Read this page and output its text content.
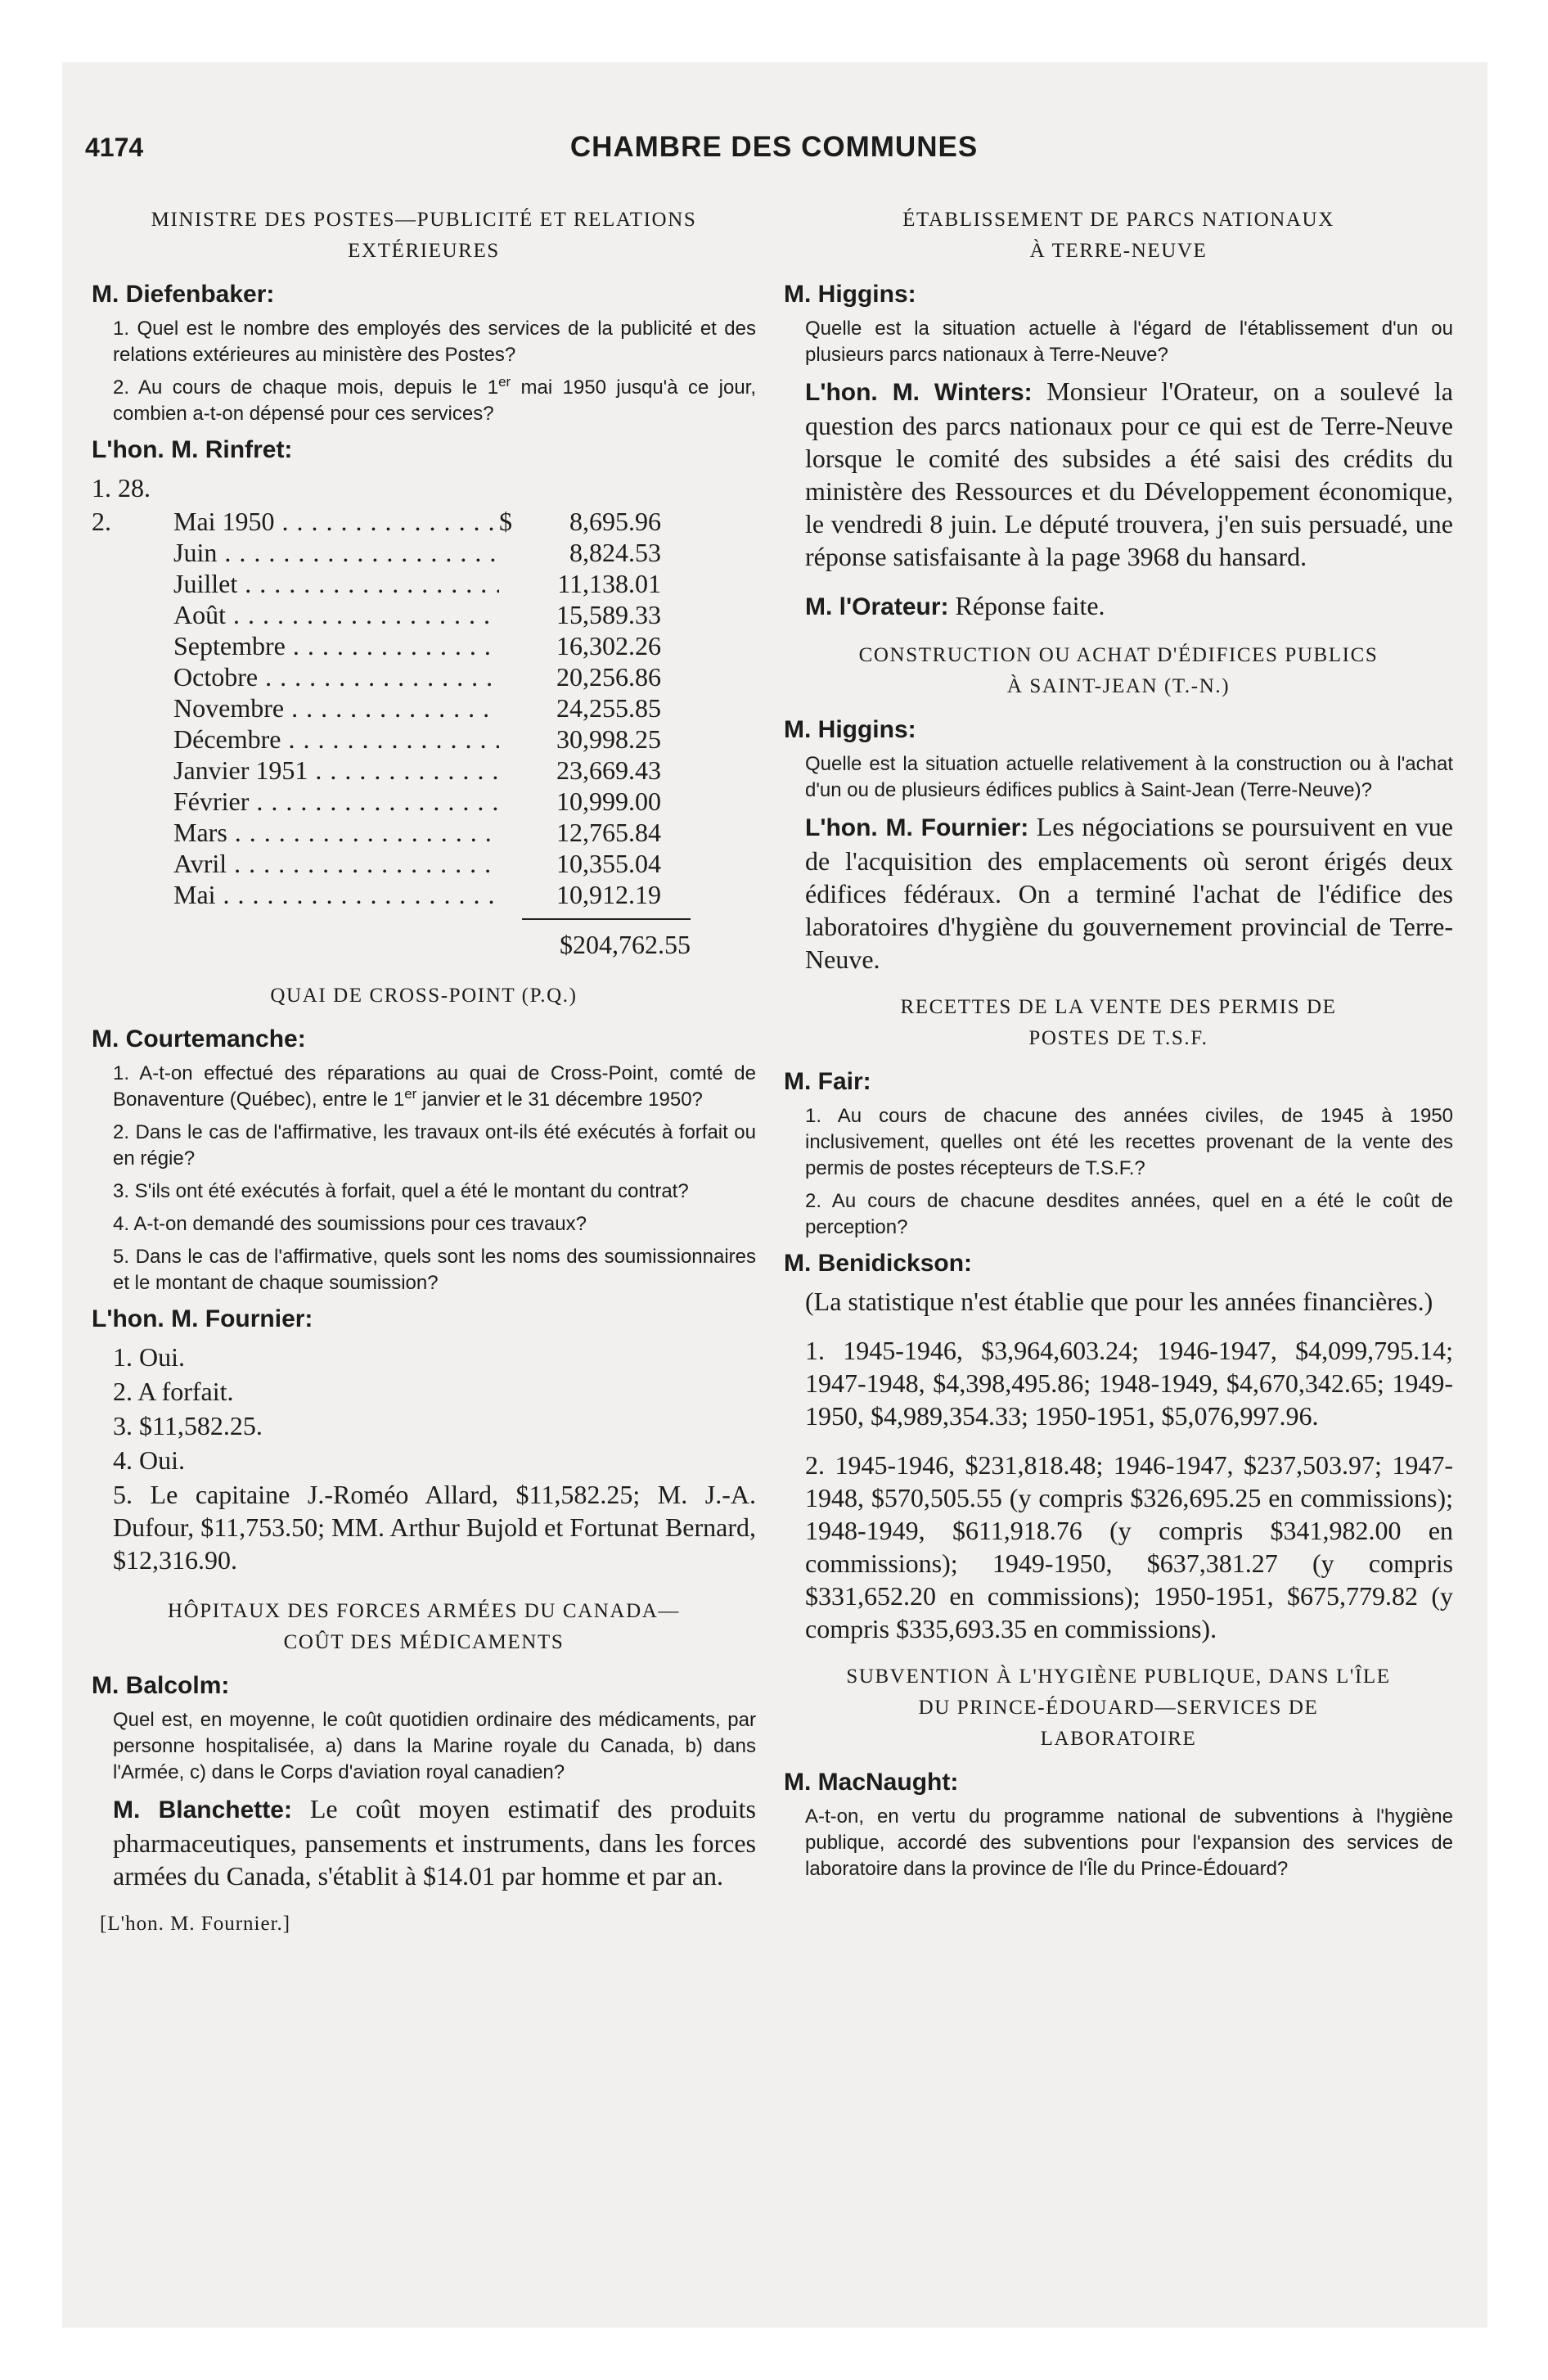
4174	CHAMBRE DES COMMUNES
MINISTRE DES POSTES—PUBLICITÉ ET RELATIONS
EXTÉRIEURES
M. Diefenbaker:

1. Quel est le nombre des employés des services de la publicité et des relations extérieures au ministère des Postes?

2. Au cours de chaque mois, depuis le 1er mai 1950 jusqu'à ce jour, combien a-t-on dépensé pour ces services?

L'hon. M. Rinfret:
1. 28.
2.	Mai 1950 . . .	$	8,695.96
Juin . . .	8,824.53
Juillet . . .	11,138.01
Août . . .	15,589.33
Septembre . . .	16,302.26
Octobre . . .	20,256.86
Novembre . . .	24,255.85
Décembre . . .	30,998.25
Janvier 1951 . . .	23,669.43
Février . . .	10,999.00
Mars . . .	12,765.84
Avril . . .	10,355.04
Mai . . .	10,912.19
$204,762.55
QUAI DE CROSS-POINT (P.Q.)
M. Courtemanche:

1. A-t-on effectué des réparations au quai de Cross-Point, comté de Bonaventure (Québec), entre le 1er janvier et le 31 décembre 1950?

2. Dans le cas de l'affirmative, les travaux ont-ils été exécutés à forfait ou en régie?

3. S'ils ont été exécutés à forfait, quel a été le montant du contrat?

4. A-t-on demandé des soumissions pour ces travaux?

5. Dans le cas de l'affirmative, quels sont les noms des soumissionnaires et le montant de chaque soumission?

L'hon. M. Fournier:
1. Oui.
2. A forfait.
3. $11,582.25.
4. Oui.
5. Le capitaine J.-Roméo Allard, $11,582.25; M. J.-A. Dufour, $11,753.50; MM. Arthur Bujold et Fortunat Bernard, $12,316.90.
HÔPITAUX DES FORCES ARMÉES DU CANADA—
COÛT DES MÉDICAMENTS
M. Balcolm:

Quel est, en moyenne, le coût quotidien ordinaire des médicaments, par personne hospitalisée, a) dans la Marine royale du Canada, b) dans l'Armée, c) dans le Corps d'aviation royal canadien?

M. Blanchette: Le coût moyen estimatif des produits pharmaceutiques, pansements et instruments, dans les forces armées du Canada, s'établit à $14.01 par homme et par an.

[L'hon. M. Fournier.]
ÉTABLISSEMENT DE PARCS NATIONAUX
À TERRE-NEUVE
M. Higgins:

Quelle est la situation actuelle à l'égard de l'établissement d'un ou plusieurs parcs nationaux à Terre-Neuve?

L'hon. M. Winters: Monsieur l'Orateur, on a soulevé la question des parcs nationaux pour ce qui est de Terre-Neuve lorsque le comité des subsides a été saisi des crédits du ministère des Ressources et du Développement économique, le vendredi 8 juin. Le député trouvera, j'en suis persuadé, une réponse satisfaisante à la page 3968 du hansard.

M. l'Orateur: Réponse faite.

CONSTRUCTION OU ACHAT D'ÉDIFICES PUBLICS
À SAINT-JEAN (T.-N.)
M. Higgins:

Quelle est la situation actuelle relativement à la construction ou à l'achat d'un ou de plusieurs édifices publics à Saint-Jean (Terre-Neuve)?

L'hon. M. Fournier: Les négociations se poursuivent en vue de l'acquisition des emplacements où seront érigés deux édifices fédéraux. On a terminé l'achat de l'édifice des laboratoires d'hygiène du gouvernement provincial de Terre-Neuve.

RECETTES DE LA VENTE DES PERMIS DE
POSTES DE T.S.F.
M. Fair:

1. Au cours de chacune des années civiles, de 1945 à 1950 inclusivement, quelles ont été les recettes provenant de la vente des permis de postes récepteurs de T.S.F.?

2. Au cours de chacune desdites années, quel en a été le coût de perception?

M. Benidickson:

(La statistique n'est établie que pour les années financières.)

1. 1945-1946, $3,964,603.24; 1946-1947, $4,099,795.14; 1947-1948, $4,398,495.86; 1948-1949, $4,670,342.65; 1949-1950, $4,989,354.33; 1950-1951, $5,076,997.96.

2. 1945-1946, $231,818.48; 1946-1947, $237,503.97; 1947-1948, $570,505.55 (y compris $326,695.25 en commissions); 1948-1949, $611,918.76 (y compris $341,982.00 en commissions); 1949-1950, $637,381.27 (y compris $331,652.20 en commissions); 1950-1951, $675,779.82 (y compris $335,693.35 en commissions).

SUBVENTION À L'HYGIÈNE PUBLIQUE, DANS L'ÎLE
DU PRINCE-ÉDOUARD—SERVICES DE
LABORATOIRE
M. MacNaught:

A-t-on, en vertu du programme national de subventions à l'hygiène publique, accordé des subventions pour l'expansion des services de laboratoire dans la province de l'Île du Prince-Édouard?
